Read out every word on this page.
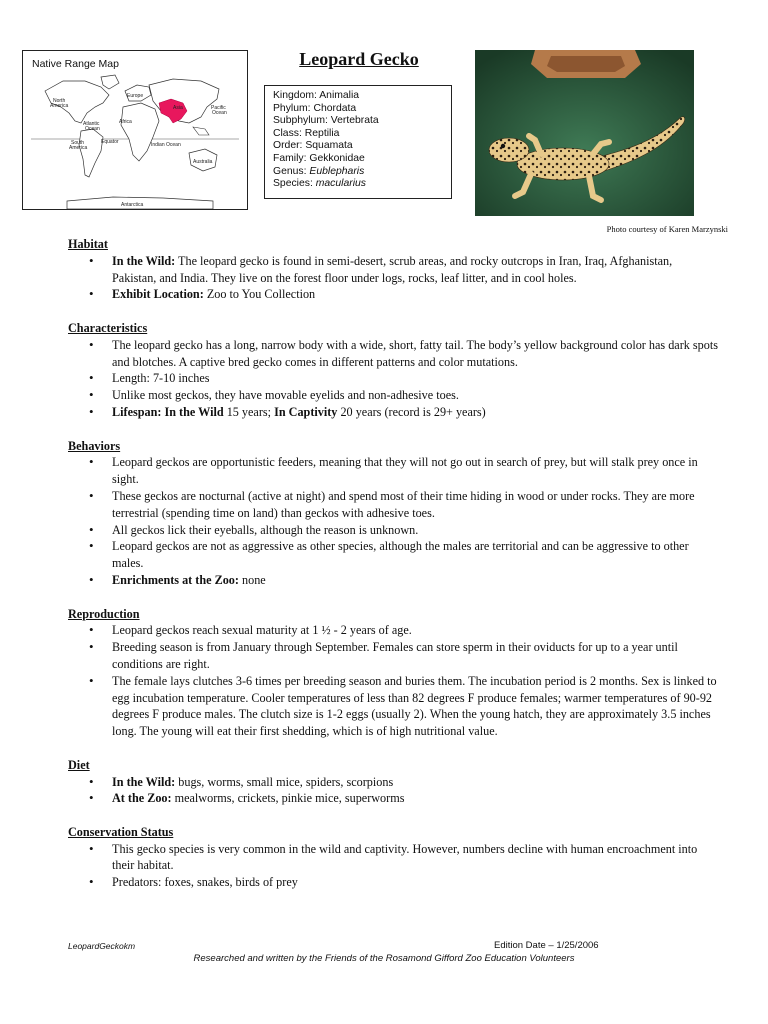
North
America
Europe
Asia	Pacific
Ocean
Atlantic
Ocean
Africa
South
America
Equator	Indian Ocean
Australia
Antarctica
Native Range Map	Leopard Gecko
Kingdom: Animalia
Phylum: Chordata
Subphylum: Vertebrata
Class: Reptilia
Order: Squamata
Family: Gekkonidae
Genus: Eublepharis
Species: macularius
Photo courtesy of Karen Marzynski
Habitat
• In the Wild: The leopard gecko is found in semi-desert, scrub areas, and rocky outcrops in Iran, Iraq, Afghanistan, Pakistan, and India. They live on the forest floor under logs, rocks, leaf litter, and in cool holes.
• Exhibit Location: Zoo to You Collection
Characteristics
• The leopard gecko has a long, narrow body with a wide, short, fatty tail. The body’s yellow background color has dark spots and blotches. A captive bred gecko comes in different patterns and color mutations.
• Length: 7-10 inches
• Unlike most geckos, they have movable eyelids and non-adhesive toes.
• Lifespan: In the Wild 15 years; In Captivity 20 years (record is 29+ years)
Behaviors
• Leopard geckos are opportunistic feeders, meaning that they will not go out in search of prey, but will stalk prey once in sight.
• These geckos are nocturnal (active at night) and spend most of their time hiding in wood or under rocks. They are more terrestrial (spending time on land) than geckos with adhesive toes.
• All geckos lick their eyeballs, although the reason is unknown.
• Leopard geckos are not as aggressive as other species, although the males are territorial and can be aggressive to other males.
• Enrichments at the Zoo: none
Reproduction
• Leopard geckos reach sexual maturity at 1 ½ - 2 years of age.
• Breeding season is from January through September. Females can store sperm in their oviducts for up to a year until conditions are right.
• The female lays clutches 3-6 times per breeding season and buries them. The incubation period is 2 months. Sex is linked to egg incubation temperature. Cooler temperatures of less than 82 degrees F produce females; warmer temperatures of 90-92 degrees F produce males. The clutch size is 1-2 eggs (usually 2). When the young hatch, they are approximately 3.5 inches long. The young will eat their first shedding, which is of high nutritional value.
Diet
• In the Wild: bugs, worms, small mice, spiders, scorpions
• At the Zoo: mealworms, crickets, pinkie mice, superworms
Conservation Status
• This gecko species is very common in the wild and captivity. However, numbers decline with human encroachment into their habitat.
• Predators: foxes, snakes, birds of prey
LeopardGeckokm	Edition Date – 1/25/2006
Researched and written by the Friends of the Rosamond Gifford Zoo Education Volunteers
